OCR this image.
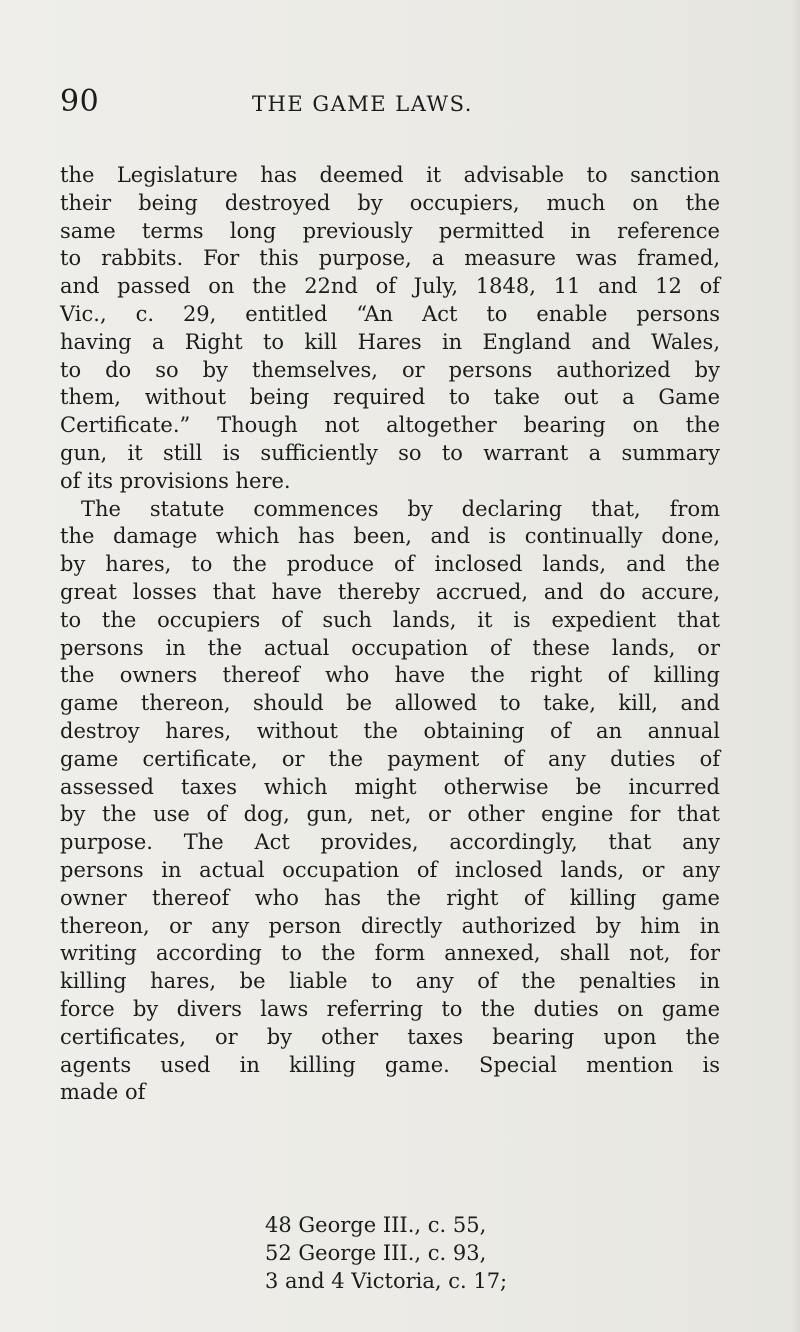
90	THE GAME LAWS.
the Legislature has deemed it advisable to sanction
their being destroyed by occupiers, much on the
same terms long previously permitted in reference
to rabbits. For this purpose, a measure was framed,
and passed on the 22nd of July, 1848, 11 and 12 of
Vic., c. 29, entitled “An Act to enable persons
having a Right to kill Hares in England and Wales,
to do so by themselves, or persons authorized by
them, without being required to take out a Game
Certificate.” Though not altogether bearing on the
gun, it still is sufficiently so to warrant a summary
of its provisions here.
The statute commences by declaring that, from
the damage which has been, and is continually done,
by hares, to the produce of inclosed lands, and the
great losses that have thereby accrued, and do accure,
to the occupiers of such lands, it is expedient that
persons in the actual occupation of these lands, or
the owners thereof who have the right of killing
game thereon, should be allowed to take, kill, and
destroy hares, without the obtaining of an annual
game certificate, or the payment of any duties of
assessed taxes which might otherwise be incurred
by the use of dog, gun, net, or other engine for that
purpose. The Act provides, accordingly, that any
persons in actual occupation of inclosed lands, or any
owner thereof who has the right of killing game
thereon, or any person directly authorized by him in
writing according to the form annexed, shall not, for
killing hares, be liable to any of the penalties in
force by divers laws referring to the duties on game
certificates, or by other taxes bearing upon the
agents used in killing game. Special mention is
made of
48 George III., c. 55,
52 George III., c. 93,
3 and 4 Victoria, c. 17;
